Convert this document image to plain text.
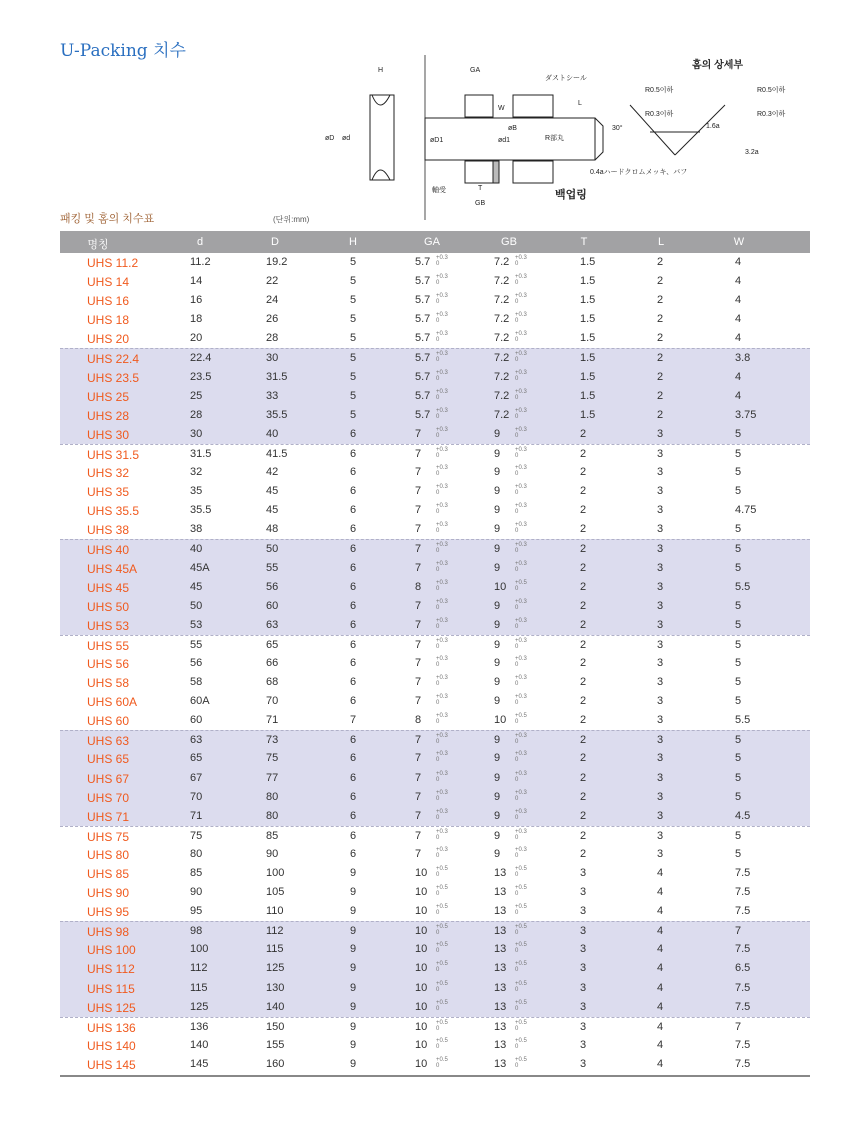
U-Packing 치수
H	GA
W
L
T
GB
øD ød	øD1	ød1
øB
R部丸
30°
ダストシール
軸受	백업링
0.4aハードクロムメッキ、バフ
홈의 상세부
R0.5이하	R0.5이하
R0.3이하	R0.3이하
1.6a
3.2a
패킹 및 홈의 치수표	(단위:mm)
명칭	d	D	H	GA	GB	T	L	W
UHS 11.2	11.2	19.2	5	5.7	7.2	1.5	2	4
+0.3
0
+0.3
0
UHS 14	14	22	5	5.7	7.2	1.5	2	4
+0.3
0
+0.3
0
UHS 16	16	24	5	5.7	7.2	1.5	2	4
+0.3
0
+0.3
0
UHS 18	18	26	5	5.7	7.2	1.5	2	4
+0.3
0
+0.3
0
UHS 20	20	28	5	5.7	7.2	1.5	2	4
+0.3
0
+0.3
0
UHS 22.4	22.4	30	5	5.7	7.2	1.5	2	3.8
+0.3
0
+0.3
0
UHS 23.5	23.5	31.5	5	5.7	7.2	1.5	2	4
+0.3
0
+0.3
0
UHS 25	25	33	5	5.7	7.2	1.5	2	4
+0.3
0
+0.3
0
UHS 28	28	35.5	5	5.7	7.2	1.5	2	3.75
+0.3
0
+0.3
0
UHS 30	30	40	6	7	9	2	3	5
+0.3
0
+0.3
0
UHS 31.5	31.5	41.5	6	7	9	2	3	5
+0.3
0
+0.3
0
UHS 32	32	42	6	7	9	2	3	5
+0.3
0
+0.3
0
UHS 35	35	45	6	7	9	2	3	5
+0.3
0
+0.3
0
UHS 35.5	35.5	45	6	7	9	2	3	4.75
+0.3
0
+0.3
0
UHS 38	38	48	6	7	9	2	3	5
+0.3
0
+0.3
0
UHS 40	40	50	6	7	9	2	3	5
+0.3
0
+0.3
0
UHS 45A	45A	55	6	7	9	2	3	5
+0.3
0
+0.3
0
UHS 45	45	56	6	8	10	2	3	5.5
+0.3
0
+0.5
0
UHS 50	50	60	6	7	9	2	3	5
+0.3
0
+0.3
0
UHS 53	53	63	6	7	9	2	3	5
+0.3
0
+0.3
0
UHS 55	55	65	6	7	9	2	3	5
+0.3
0
+0.3
0
UHS 56	56	66	6	7	9	2	3	5
+0.3
0
+0.3
0
UHS 58	58	68	6	7	9	2	3	5
+0.3
0
+0.3
0
UHS 60A	60A	70	6	7	9	2	3	5
+0.3
0
+0.3
0
UHS 60	60	71	7	8	10	2	3	5.5
+0.3
0
+0.5
0
UHS 63	63	73	6	7	9	2	3	5
+0.3
0
+0.3
0
UHS 65	65	75	6	7	9	2	3	5
+0.3
0
+0.3
0
UHS 67	67	77	6	7	9	2	3	5
+0.3
0
+0.3
0
UHS 70	70	80	6	7	9	2	3	5
+0.3
0
+0.3
0
UHS 71	71	80	6	7	9	2	3	4.5
+0.3
0
+0.3
0
UHS 75	75	85	6	7	9	2	3	5
+0.3
0
+0.3
0
UHS 80	80	90	6	7	9	2	3	5
+0.3
0
+0.3
0
UHS 85	85	100	9	10	13	3	4	7.5
+0.5
0
+0.5
0
UHS 90	90	105	9	10	13	3	4	7.5
+0.5
0
+0.5
0
UHS 95	95	110	9	10	13	3	4	7.5
+0.5
0
+0.5
0
UHS 98	98	112	9	10	13	3	4	7
+0.5
0
+0.5
0
UHS 100	100	115	9	10	13	3	4	7.5
+0.5
0
+0.5
0
UHS 112	112	125	9	10	13	3	4	6.5
+0.5
0
+0.5
0
UHS 115	115	130	9	10	13	3	4	7.5
+0.5
0
+0.5
0
UHS 125	125	140	9	10	13	3	4	7.5
+0.5
0
+0.5
0
UHS 136	136	150	9	10	13	3	4	7
+0.5
0
+0.5
0
UHS 140	140	155	9	10	13	3	4	7.5
+0.5
0
+0.5
0
UHS 145	145	160	9	10	13	3	4	7.5
+0.5
0
+0.5
0
